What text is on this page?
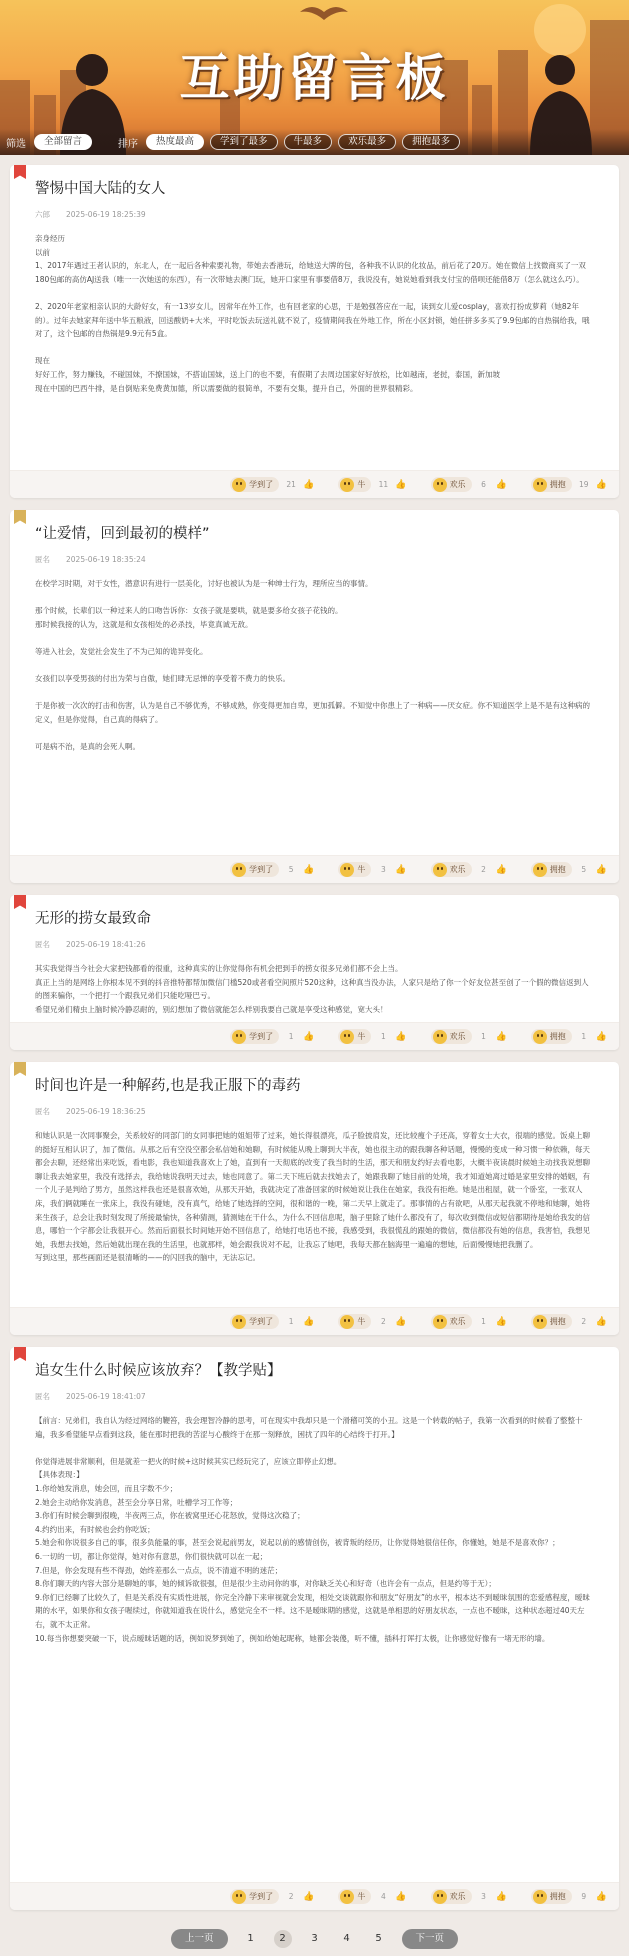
互助留言板
筛选	全部留言	排序	热度最高	学到了最多	牛最多	欢乐最多	拥抱最多
警惕中国大陆的女人
六郎 2025-06-19 18:25:39

亲身经历

以前

1、2017年遇过王者认识的，东北人，在一起后各种索要礼物，带她去香港玩，给她送大牌的包，各种我不认识的化妆品，前后花了20万。她在微信上找微商买了一双180包邮的高仿AJ送我（唯一一次她送的东西），有一次带她去澳门玩，她开口家里有事要借8万，我说没有，她说她看到我支付宝的借呗还能借8万（怎么就这么巧）。

2、2020年老家相亲认识的大龄好女，有一13岁女儿，因常年在外工作，也有回老家的心思，于是勉强答应在一起，读到女儿爱cosplay，喜欢打扮成萝莉（她82年的）。过年去她家拜年送中华五粮液，回送酸奶+大米，平时吃饭去玩送礼就不说了，疫情期间我在外地工作，所在小区封锁，她任拼多多买了9.9包邮的自热锅给我，哦对了，这个包邮的自热锅是9.9元有5盒。

现在

好好工作，努力赚钱，不碰国妹，不撩国妹，不搭讪国妹，送上门的也不要，有假期了去周边国家好好放松，比如越南，老挝，泰国，新加坡

现在中国的巴西牛排，是自倒贴来免费黄加德，所以需要做的很简单，不要有交集，提升自己，外面的世界很精彩。

学到了 21 👍	牛 11 👍	欢乐	6	👍	拥抱 19 👍
“让爱情，回到最初的模样”
匿名 2025-06-19 18:35:24

在校学习时期，对于女性，潜意识有进行一层美化，讨好也被认为是一种绅士行为，理所应当的事情。

那个时候，长辈们以一种过来人的口吻告诉你：女孩子就是要哄，就是要多给女孩子花钱的。

那时候我接的认为，这就是和女孩相处的必杀技，毕竟真诚无敌。

等进入社会，发觉社会发生了不为己知的诡异变化。

女孩们以享受男孩的付出为荣与自傲，她们肆无忌惮的享受着不费力的快乐。

于是你被一次次的打击和伤害，认为是自己不够优秀，不够成熟，你变得更加自卑，更加孤僻。不知觉中你患上了一种病——厌女症。你不知道医学上是不是有这种病的定义，但是你觉得，自己真的得病了。

可是病不治，是真的会死人啊。

学到了	5	👍	牛	3	👍	欢乐	2	👍	拥抱	5	👍
无形的捞女最致命
匿名 2025-06-19 18:41:26

其实我觉得当今社会大家把钱都看的很重，这种真实的让你觉得你有机会把到手的捞女很多兄弟们都不会上当。

真正上当的是网络上你根本见不到的抖音推特都帮加微信门槛520或者看空间照片520这种，这种真当没办法，人家只是给了你一个好友位甚至创了一个假的微信返到人的图来骗你，一个把打一个跟我兄弟们只能吃哑巴亏。

希望兄弟们精虫上脑时候冷静忍耐的，别幻想加了微信就能怎么样别我要自己就是享受这种感觉，宽大头！

学到了	1	👍	牛	1	👍	欢乐	1	👍	拥抱	1	👍
时间也许是一种解药,也是我正服下的毒药
匿名 2025-06-19 18:36:25

和她认识是一次同事聚会，关系较好的同部门的女同事把她的姐姐带了过来，她长得很漂亮，瓜子脸披肩发，还比较瘦个子还高，穿着女士大衣，很端的感觉。饭桌上聊的挺好互相认识了，加了微信。从那之后有空没空都会私信她和她聊，有时候能从晚上聊到大半夜，她也很主动的跟我聊各种话题，慢慢的变成一种习惯一种依赖，每天都会去聊，还经常出来吃饭，看电影，我也知道我喜欢上了她，直到有一天彻底的改变了我当时的生活，那天和朋友约好去看电影，大概半夜读晨时候她主动找我说想聊聊让我去她家里，我没有选择去，我给她说我明天过去，她也同意了。第二天下班后就去找她去了，她跟我聊了她目前的处境，我才知道她离过婚是家里安排的婚姻，有一个儿子是判给了男方，虽然这样我也还是很喜欢她，从那天开始，我就决定了准备回家的时候她说让我住在她家，我没有拒绝。她是出租屋，就一个卧室，一张双人床，我们俩就睡在一张床上，我没有碰她，没有真气，给她了她选择的空间，很和谐的一晚，第二天早上就走了。那事情的占有欲吧，从那天起我就不停地和她聊，她将来生孩子，总会让我时刻发现了所接最愉快，各种猜测，猜测她在干什么，为什么不回信息呢，脑子里除了她什么都没有了，每次收到微信或短信都期待是她给我发的信息，哪怕一个字都会让我很开心。然而后面很长时间她开始不回信息了，给她打电话也不接，我感受到，我很慌乱的跟她的微信，微信都没有她的信息，我害怕，我想见她，我想去找她，然后她就出现在我的生活里，也就那样，她会跟我说对不起，让我忘了她吧，我每天都在脑海里一遍遍的想她，后面慢慢她把我删了。

写到这里，那些画面还是很清晰的——的闪回我的脑中，无法忘记。

学到了	1	👍	牛	2	👍	欢乐	1	👍	拥抱	2	👍
追女生什么时候应该放弃？【教学贴】
匿名 2025-06-19 18:41:07

【前言：兄弟们，我自认为经过网络的鞭笞，我会理智冷静的思考，可在现实中我却只是一个滑稽可笑的小丑。这是一个转载的帖子，我第一次看到的时候看了整整十遍，我多希望能早点看到这段，能在那时把我的苦涩与心酸终于在那一刻释放，困扰了四年的心结终于打开。】

你觉得进展非常顺利，但是就差一把火的时候+这时候其实已经玩完了，应该立即停止幻想。

【具体表现：】

1.你给她发消息，她会回，而且字数不少；

2.她会主动给你发消息，甚至会分享日常，吐槽学习工作等；

3.你们有时候会聊到很晚，半夜两三点，你在被窝里还心花怒放，觉得这次稳了；

4.约约出来，有时候也会约你吃饭；

5.她会和你说很多自己的事，很多负能量的事，甚至会说起前男友，说起以前的感情创伤，被背叛的经历，让你觉得她很信任你，你懂她，她是不是喜欢你？；

6.一切的一切，都让你觉得，她对你有意思，你们很快就可以在一起；

7.但是，你会发现有些不得劲，始终差那么一点点，说不清道不明的迷茫；

8.你们聊天的内容大部分是聊她的事，她的倾诉欲很强，但是很少主动问你的事，对你缺乏关心和好奇（也许会有一点点，但是约等于无）；

9.你们已经聊了比较久了，但是关系没有实质性进展，你完全冷静下来审视就会发现，相处交谈就跟你和朋友“好朋友”的水平，根本达不到暧昧氛围的恋爱感程度，暧昧期的水平，如果你和女孩子喔续过，你就知道我在说什么，感觉完全不一样。这不是暧昧期的感觉，这就是单相思的好朋友状态，一点也不暧昧，这种状态超过40天左右，就不太正常。

10.每当你想要突破一下，说点暧昧话题的话，例如说梦到她了，例如给她起昵称，她都会装傻，听不懂，插科打诨打太极，让你感觉好像有一堵无形的墙。

学到了	2	👍	牛	4	👍	欢乐	3	👍	拥抱	9	👍
上一页	1	2	3	4	5	下一页
